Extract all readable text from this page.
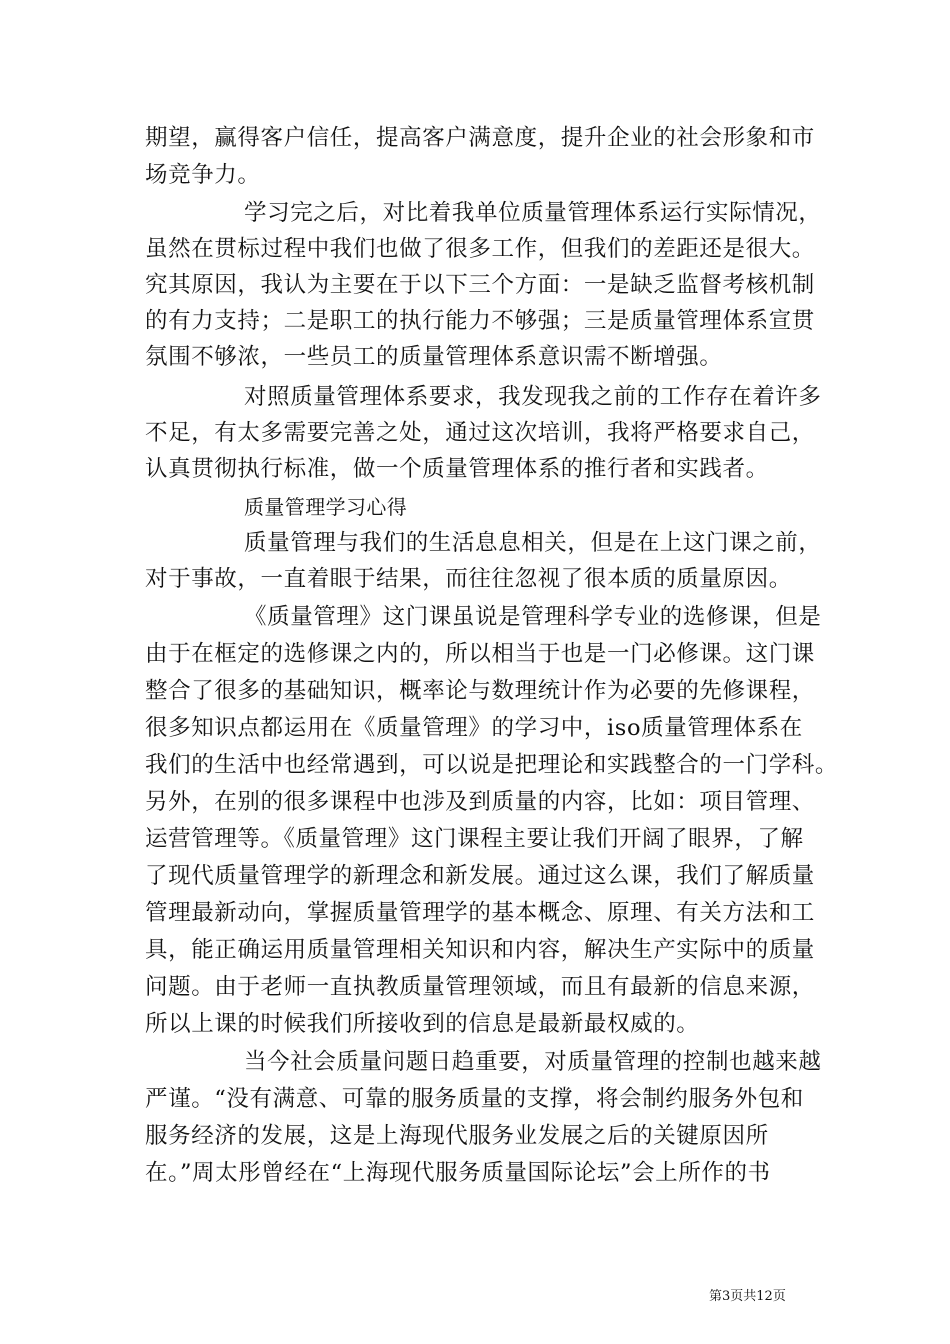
期望，赢得客户信任，提高客户满意度，提升企业的社会形象和市

场竞争力。

学习完之后，对比着我单位质量管理体系运行实际情况，

虽然在贯标过程中我们也做了很多工作，但我们的差距还是很大。

究其原因，我认为主要在于以下三个方面：一是缺乏监督考核机制

的有力支持；二是职工的执行能力不够强；三是质量管理体系宣贯

氛围不够浓，一些员工的质量管理体系意识需不断增强。

对照质量管理体系要求，我发现我之前的工作存在着许多

不足，有太多需要完善之处，通过这次培训，我将严格要求自己，

认真贯彻执行标准，做一个质量管理体系的推行者和实践者。

质量管理学习心得

质量管理与我们的生活息息相关，但是在上这门课之前，

对于事故，一直着眼于结果，而往往忽视了很本质的质量原因。

《质量管理》这门课虽说是管理科学专业的选修课，但是

由于在框定的选修课之内的，所以相当于也是一门必修课。这门课

整合了很多的基础知识，概率论与数理统计作为必要的先修课程，

很多知识点都运用在《质量管理》的学习中，iso质量管理体系在

我们的生活中也经常遇到，可以说是把理论和实践整合的一门学科。

另外，在别的很多课程中也涉及到质量的内容，比如：项目管理、

运营管理等。《质量管理》这门课程主要让我们开阔了眼界，了解

了现代质量管理学的新理念和新发展。通过这么课，我们了解质量

管理最新动向，掌握质量管理学的基本概念、原理、有关方法和工

具，能正确运用质量管理相关知识和内容，解决生产实际中的质量

问题。由于老师一直执教质量管理领域，而且有最新的信息来源，

所以上课的时候我们所接收到的信息是最新最权威的。

当今社会质量问题日趋重要，对质量管理的控制也越来越

严谨。“没有满意、可靠的服务质量的支撑，将会制约服务外包和

服务经济的发展，这是上海现代服务业发展之后的关键原因所

在。”周太彤曾经在“上海现代服务质量国际论坛”会上所作的书

第3页共12页
